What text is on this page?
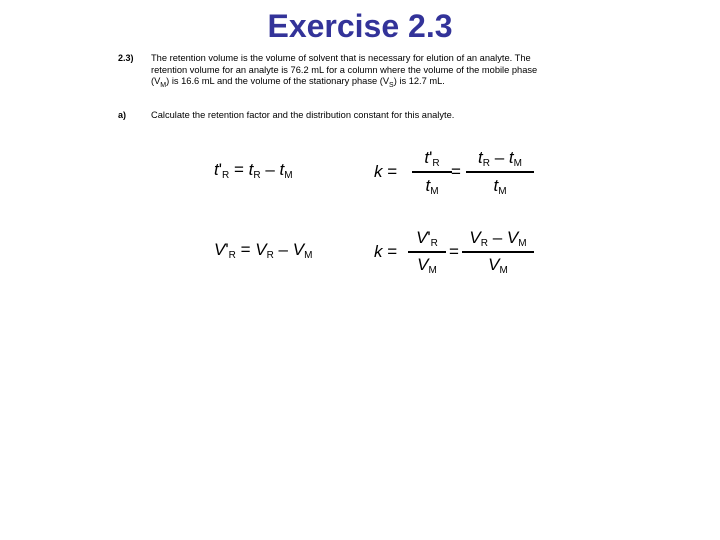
Exercise 2.3
2.3) The retention volume is the volume of solvent that is necessary for elution of an analyte. The retention volume for an analyte is 76.2 mL for a column where the volume of the mobile phase $(V_M)$ is 16.6 mL and the volume of the stationary phase $(V_S)$ is 12.7 mL.
a)	Calculate the retention factor and the distribution constant for this analyte.
$t'_R = t_R - t_M$
$V'_R = V_R - V_M$
k =
$t'_R$
$t_M$
=
$t_R - t_M$
$t_M$
k =
$V'_R$
$V_M$
=
$V_R - V_M$
$V_M$
